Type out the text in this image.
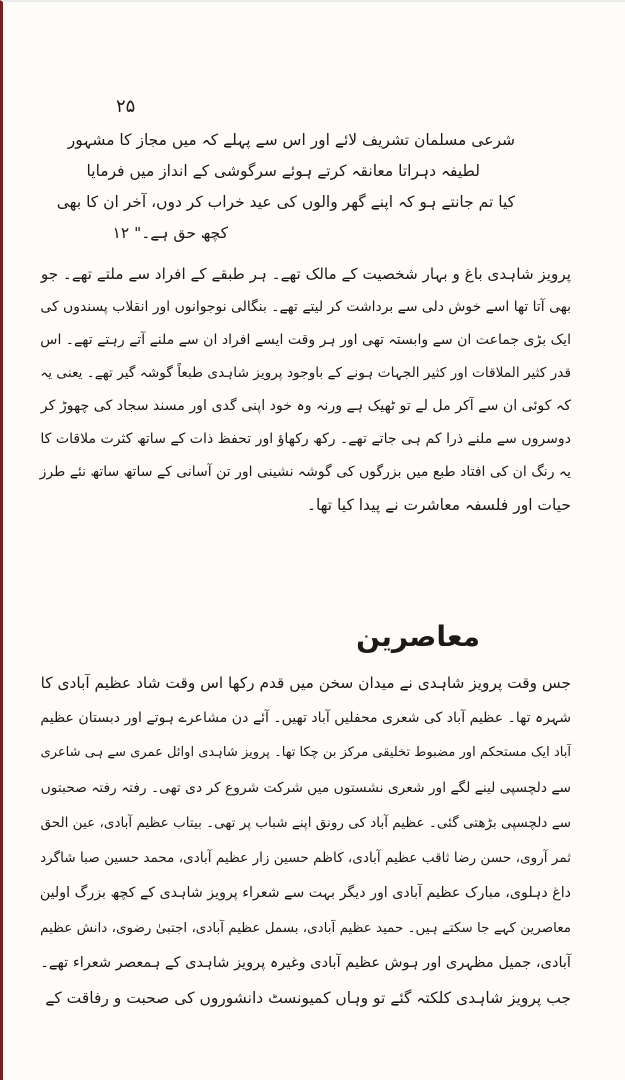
۲۵
شرعی مسلمان تشریف لائے اور اس سے پہلے کہ میں مجاز کا مشہور
لطیفہ دہراتا معانقہ کرتے ہوئے سرگوشی کے انداز میں فرمایا
کیا تم جانتے ہو کہ اپنے گھر والوں کی عید خراب کر دوں، آخر ان کا بھی
کچھ حق ہے۔" ۱۲
پرویز شاہدی باغ و بہار شخصیت کے مالک تھے۔ ہر طبقے کے افراد سے ملتے تھے۔ جو
بھی آتا تھا اسے خوش دلی سے برداشت کر لیتے تھے۔ بنگالی نوجوانوں اور انقلاب پسندوں کی
ایک بڑی جماعت ان سے وابستہ تھی اور ہر وقت ایسے افراد ان سے ملنے آتے رہتے تھے۔ اس
قدر کثیر الملاقات اور کثیر الجہات ہونے کے باوجود پرویز شاہدی طبعاً گوشہ گیر تھے۔ یعنی یہ
کہ کوئی ان سے آکر مل لے تو ٹھیک ہے ورنہ وہ خود اپنی گدی اور مسند سجاد کی چھوڑ کر
دوسروں سے ملنے ذرا کم ہی جاتے تھے۔ رکھ رکھاؤ اور تحفظ ذات کے ساتھ کثرت ملاقات کا
یہ رنگ ان کی افتاد طبع میں بزرگوں کی گوشہ نشینی اور تن آسانی کے ساتھ ساتھ نئے طرز
حیات اور فلسفہ معاشرت نے پیدا کیا تھا۔
معاصرین
جس وقت پرویز شاہدی نے میدان سخن میں قدم رکھا اس وقت شاد عظیم آبادی کا
شہرہ تھا۔ عظیم آباد کی شعری محفلیں آباد تھیں۔ آئے دن مشاعرے ہوتے اور دبستان عظیم
آباد ایک مستحکم اور مضبوط تخلیقی مرکز بن چکا تھا۔ پرویز شاہدی اوائل عمری سے ہی شاعری
سے دلچسپی لینے لگے اور شعری نشستوں میں شرکت شروع کر دی تھی۔ رفتہ رفتہ صحبتوں
سے دلچسپی بڑھتی گئی۔ عظیم آباد کی رونق اپنے شباب پر تھی۔ بیتاب عظیم آبادی، عین الحق
ثمر آروی، حسن رضا ثاقب عظیم آبادی، کاظم حسین زار عظیم آبادی، محمد حسین صبا شاگرد
داغ دہلوی، مبارک عظیم آبادی اور دیگر بہت سے شعراء پرویز شاہدی کے کچھ بزرگ اولین
معاصرین کہے جا سکتے ہیں۔ حمید عظیم آبادی، بسمل عظیم آبادی، اجتبیٰ رضوی، دانش عظیم
آبادی، جمیل مظہری اور ہوش عظیم آبادی وغیرہ پرویز شاہدی کے ہمعصر شعراء تھے۔
جب پرویز شاہدی کلکتہ گئے تو وہاں کمیونسٹ دانشوروں کی صحبت و رفاقت کے
